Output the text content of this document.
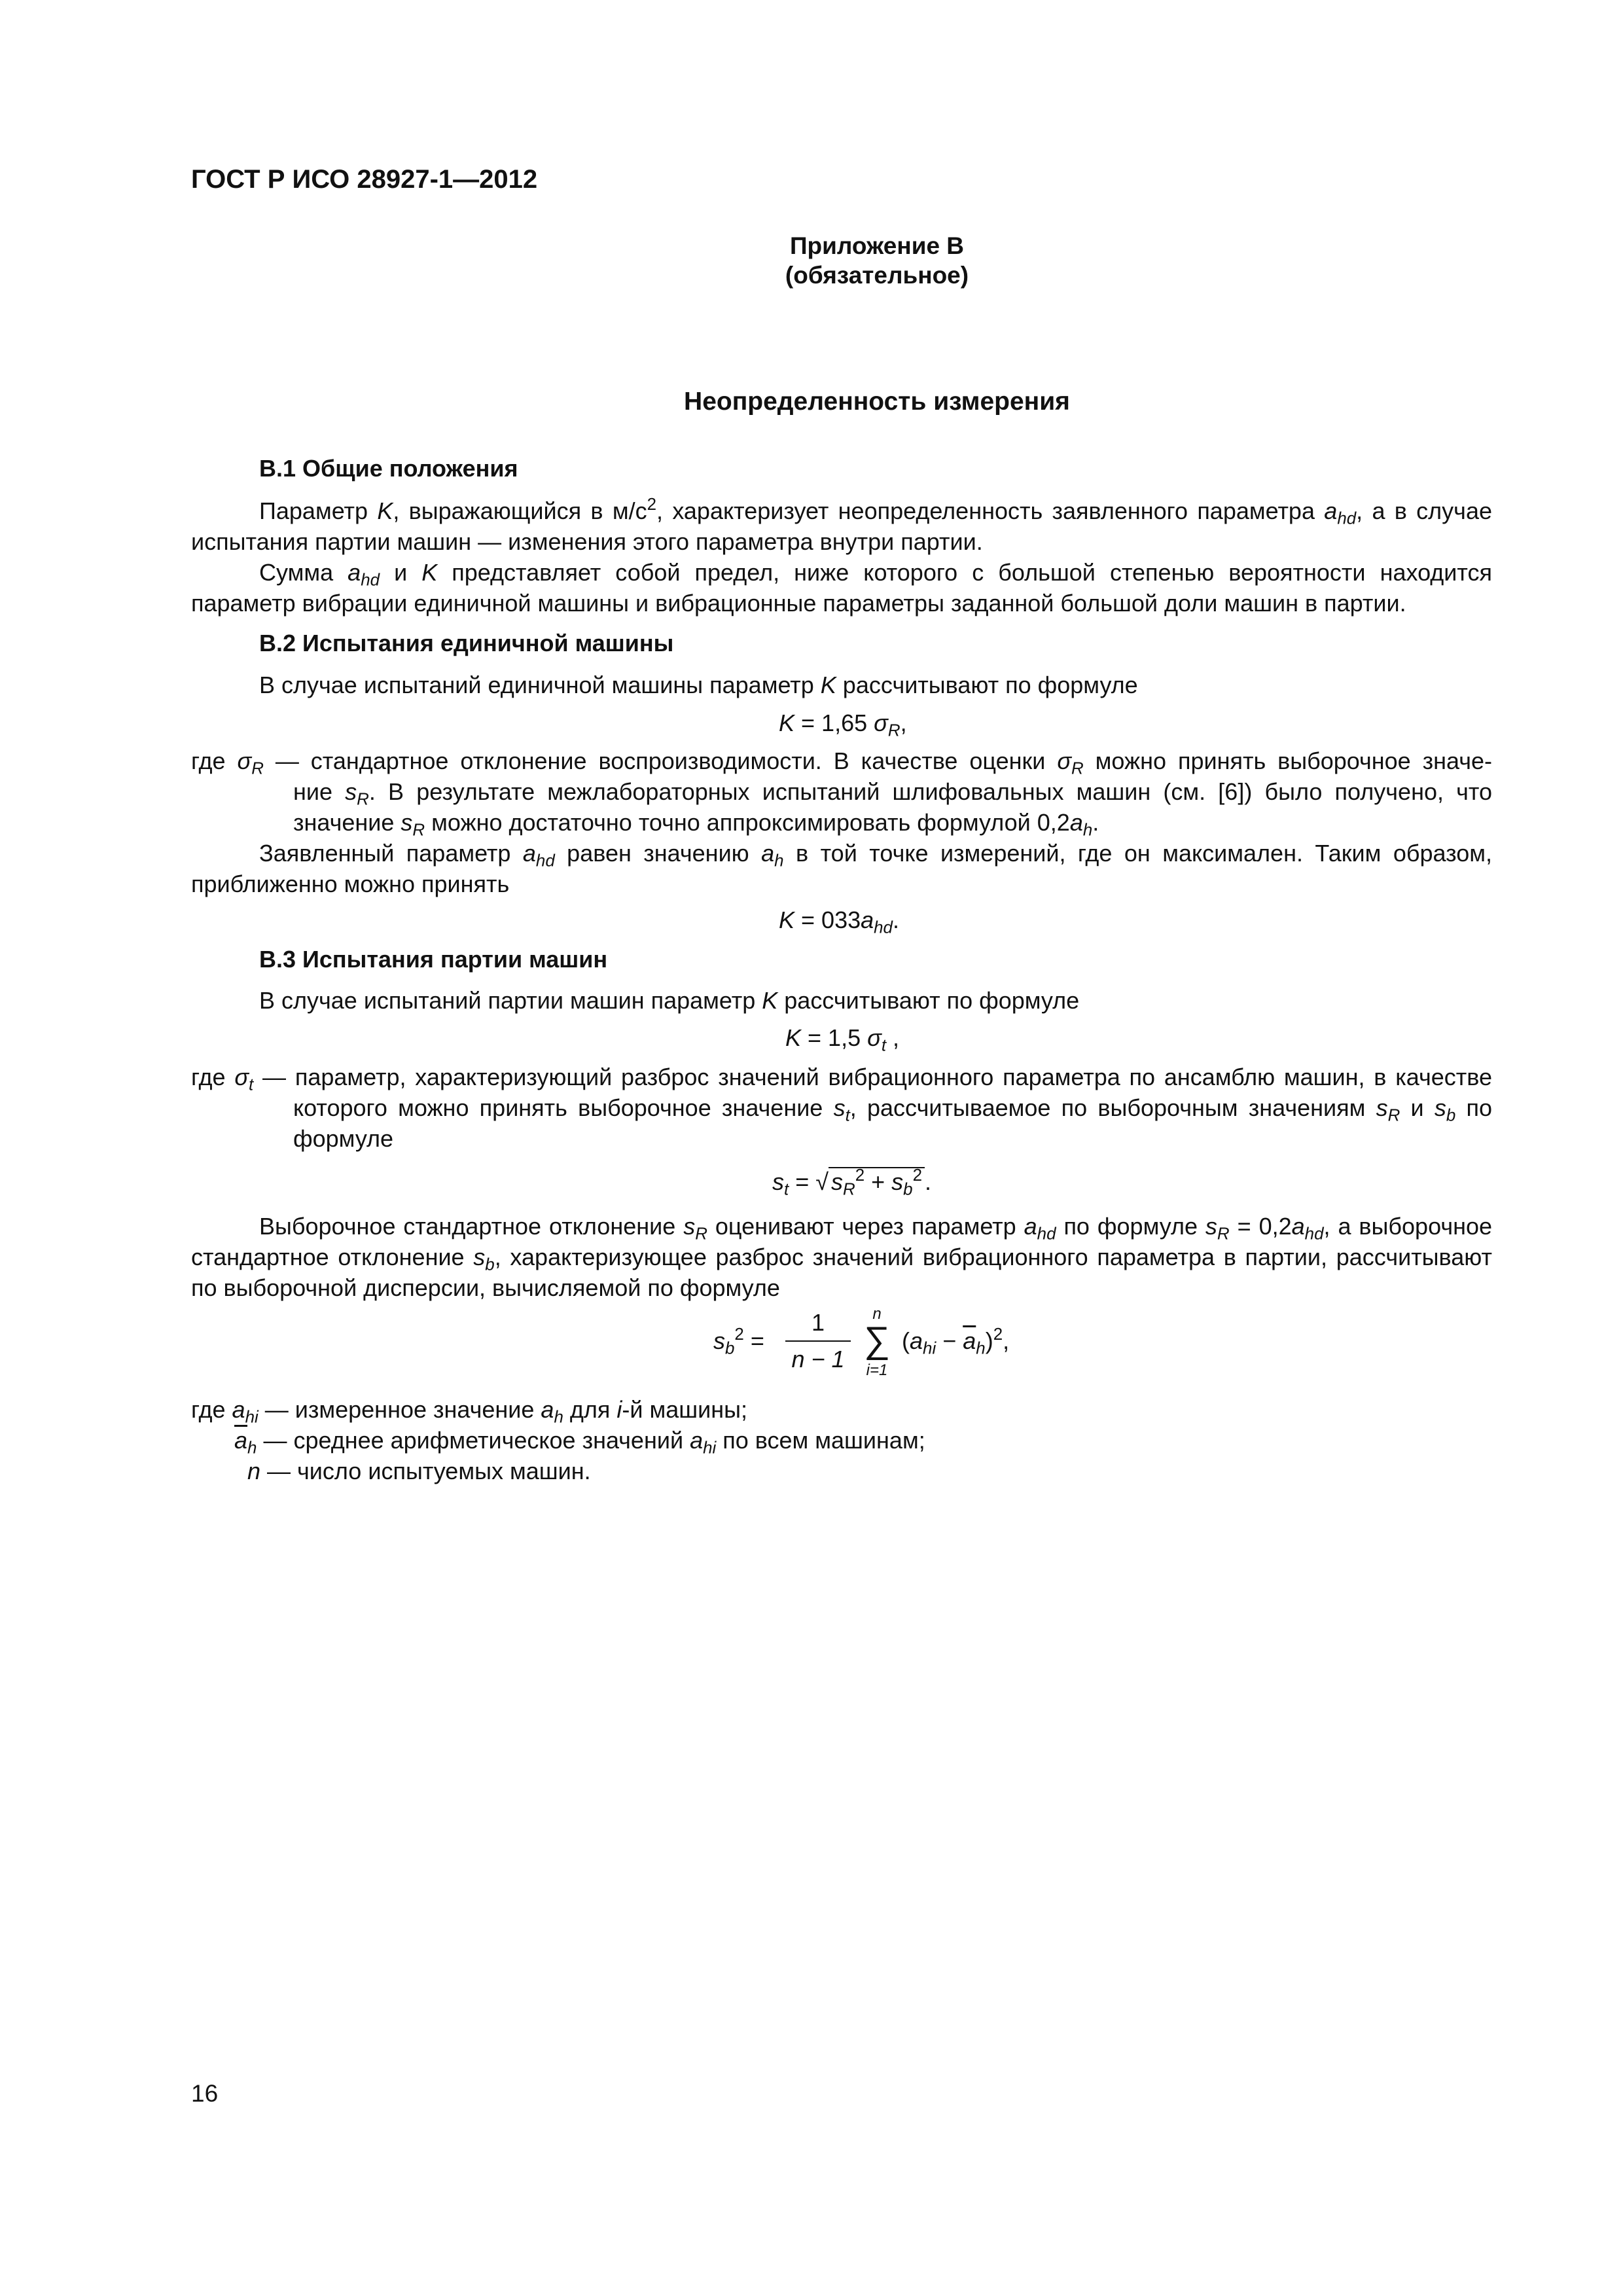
ГОСТ Р ИСО 28927-1—2012
Приложение В
(обязательное)
Неопределенность измерения
В.1 Общие положения
Параметр K, выражающийся в $м/с^2$, характеризует неопределенность заявленного параметра $a_{hd}$, а в случае испытания партии машин — изменения этого параметра внутри партии.
Сумма $a_{hd}$ и K представляет собой предел, ниже которого с большой степенью вероятности находится параметр вибрации единичной машины и вибрационные параметры заданной большой доли машин в партии.
В.2 Испытания единичной машины
В случае испытаний единичной машины параметр K рассчитывают по формуле
K = 1,65 $\sigma_R$,
где $\sigma_R$ — стандартное отклонение воспроизводимости. В качестве оценки $\sigma_R$ можно принять выборочное значе-
ние $s_R$. В результате межлабораторных испытаний шлифовальных машин (см. [6]) было получено, что
значение $s_R$ можно достаточно точно аппроксимировать формулой $0,2a_h$.
Заявленный параметр $a_{hd}$ равен значению $a_h$ в той точке измерений, где он максимален. Таким образом, приближенно можно принять
$K = 033a_{hd}$.
В.3 Испытания партии машин
В случае испытаний партии машин параметр K рассчитывают по формуле
K = 1,5 $\sigma_t$ ,
где $\sigma_t$ — параметр, характеризующий разброс значений вибрационного параметра по ансамблю машин, в качестве
которого можно принять выборочное значение $s_t$, рассчитываемое по выборочным значениям $s_R$ и $s_b$ по
формуле
$s_t$ = √ $s_R^2 + s_b^2$ .
Выборочное стандартное отклонение $s_R$ оценивают через параметр $a_{hd}$ по формуле $s_R = 0,2a_{hd}$, а выборочное стандартное отклонение $s_b$, характеризующее разброс значений вибрационного параметра в партии, рассчитывают по выборочной дисперсии, вычисляемой по формуле
$s_b^2$ =
1
n − 1
n
∑
i=1
$(a_{hi} - \overline{a}_h)^2$,
где $a_{hi}$ — измеренное значение $a_h$ для i-й машины;
$\overline{a}_h$ — среднее арифметическое значений $a_{hi}$ по всем машинам;
n — число испытуемых машин.
16
